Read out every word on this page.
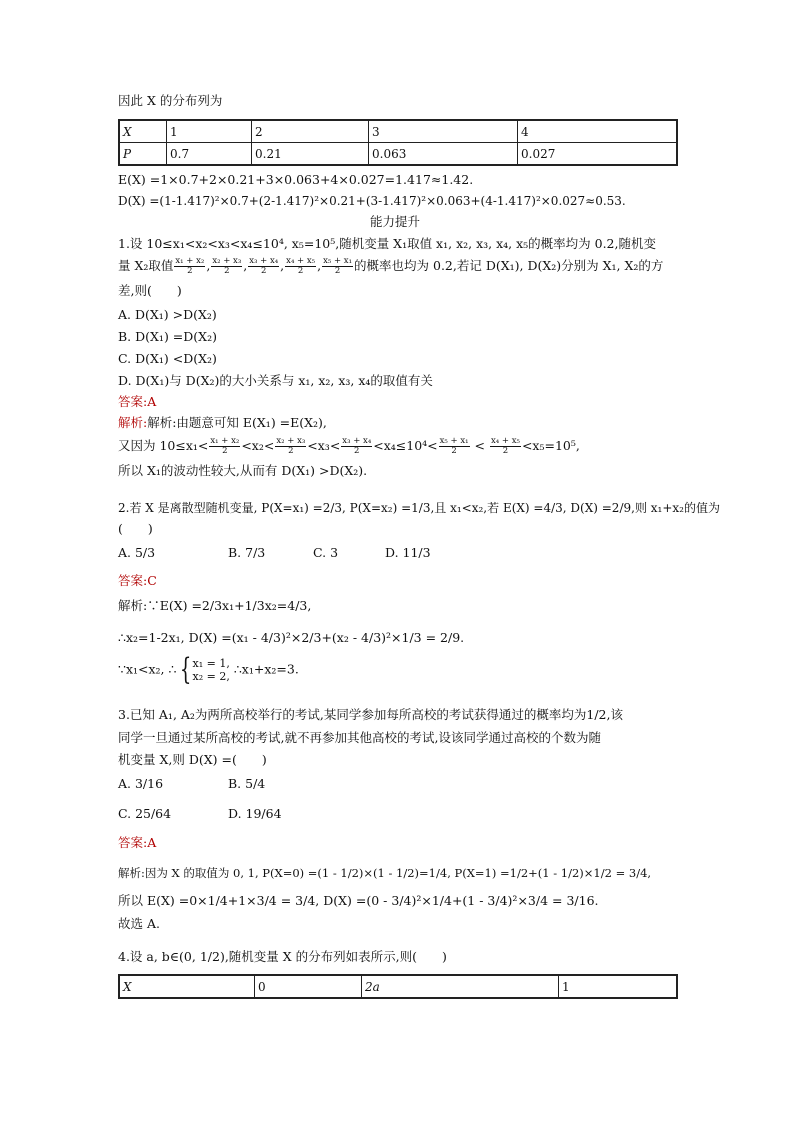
因此 X 的分布列为
X	1	2	3	4
P	0.7	0.21	0.063	0.027
E(X) =1×0.7+2×0.21+3×0.063+4×0.027=1.417≈1.42.
D(X) =(1-1.417)²×0.7+(2-1.417)²×0.21+(3-1.417)²×0.063+(4-1.417)²×0.027≈0.53.
能力提升
1.设 10≤x₁<x₂<x₃<x₄≤10⁴, x₅=10⁵,随机变量 X₁取值 x₁, x₂, x₃, x₄, x₅的概率均为 0.2,随机变
量 X₂取值 $\frac{\text{x₁ + x₂}}{2}$ , $\frac{\text{x₂ + x₃}}{2}$ , $\frac{\text{x₃ + x₄}}{2}$ , $\frac{\text{x₄ + x₅}}{2}$ , $\frac{\text{x₅ + x₁}}{2}$ 的概率也均为 0.2,若记 D(X₁), D(X₂)分别为 X₁, X₂的方
差,则(　　)
A. D(X₁) >D(X₂)
B. D(X₁) =D(X₂)
C. D(X₁) <D(X₂)
D. D(X₁)与 D(X₂)的大小关系与 x₁, x₂, x₃, x₄的取值有关
答案:A
解析:解析:由题意可知 E(X₁) =E(X₂),
又因为 $10\le x_1< \frac{\text{x₁ + x₂}}{2} <x_2< \frac{\text{x₂ + x₃}}{2} <x_3< \frac{\text{x₃ + x₄}}{2} <x_4\le 10^4< \frac{\text{x₅ + x₁}}{2} < \frac{\text{x₄ + x₅}}{2} <x_5=10^5$,
所以 X₁的波动性较大,从而有 D(X₁) >D(X₂).
2.若 X 是离散型随机变量, P(X=x₁) =2/3, P(X=x₂) =1/3,且 x₁<x₂,若 E(X) =4/3, D(X) =2/9,则 x₁+x₂的值为
(　　)
A. 5/3	B. 7/3	C. 3	D. 11/3
答案:C
解析:∵E(X) =2/3x₁+1/3x₂=4/3,
∴x₂=1-2x₁, D(X) =(x₁ - 4/3)²×2/3+(x₂ - 4/3)²×1/3 = 2/9.
∵x₁<x₂, ∴ { x₁ = 1,
x₂ = 2, ∴x₁+x₂=3.
3.已知 A₁, A₂为两所高校举行的考试,某同学参加每所高校的考试获得通过的概率均为1/2,该
同学一旦通过某所高校的考试,就不再参加其他高校的考试,设该同学通过高校的个数为随
机变量 X,则 D(X) =(　　)
A. 3/16	B. 5/4
C. 25/64	D. 19/64
答案:A
解析:因为 X 的取值为 0, 1, P(X=0) =(1 - 1/2)×(1 - 1/2)=1/4, P(X=1) =1/2+(1 - 1/2)×1/2 = 3/4,
所以 E(X) =0×1/4+1×3/4 = 3/4, D(X) =(0 - 3/4)²×1/4+(1 - 3/4)²×3/4 = 3/16.
故选 A.
4.设 a, b∈(0, 1/2),随机变量 X 的分布列如表所示,则(　　)
X	0	2a	1
